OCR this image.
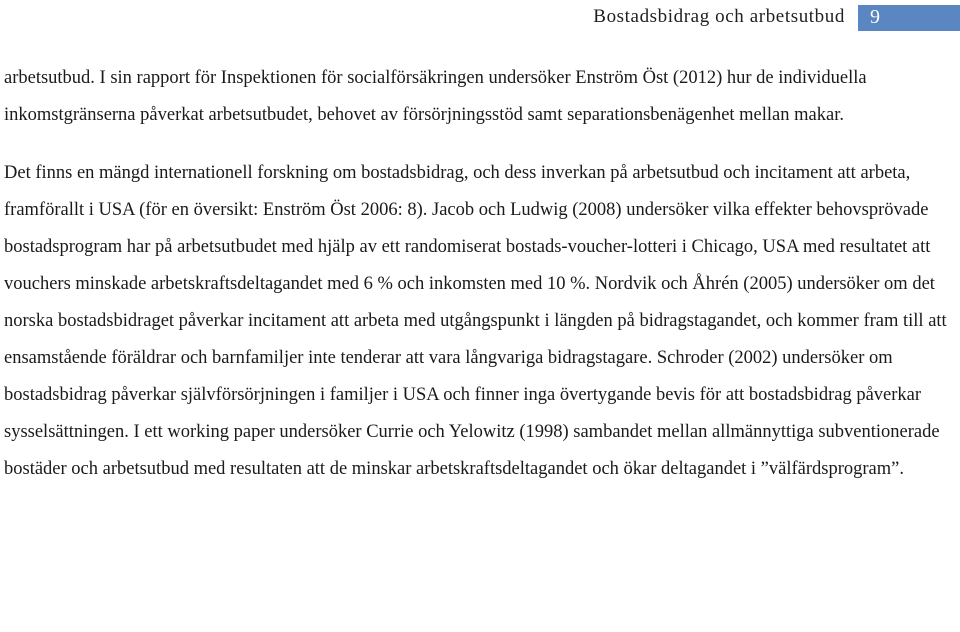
Bostadsbidrag och arbetsutbud 9

arbetsutbud. I sin rapport för Inspektionen för socialförsäkringen undersöker Enström Öst (2012) hur de individuella inkomstgränserna påverkat arbetsutbudet, behovet av försörjningsstöd samt separationsbenägenhet mellan makar.

Det finns en mängd internationell forskning om bostadsbidrag, och dess inverkan på arbetsutbud och incitament att arbeta, framförallt i USA (för en översikt: Enström Öst 2006: 8). Jacob och Ludwig (2008) undersöker vilka effekter behovsprövade bostadsprogram har på arbetsutbudet med hjälp av ett randomiserat bostads-voucher-lotteri i Chicago, USA med resultatet att vouchers minskade arbetskraftsdeltagandet med 6 % och inkomsten med 10 %. Nordvik och Åhrén (2005) undersöker om det norska bostadsbidraget påverkar incitament att arbeta med utgångspunkt i längden på bidragstagandet, och kommer fram till att ensamstående föräldrar och barnfamiljer inte tenderar att vara långvariga bidragstagare. Schroder (2002) undersöker om bostadsbidrag påverkar självförsörjningen i familjer i USA och finner inga övertygande bevis för att bostadsbidrag påverkar sysselsättningen. I ett working paper undersöker Currie och Yelowitz (1998) sambandet mellan allmännyttiga subventionerade bostäder och arbetsutbud med resultaten att de minskar arbetskraftsdeltagandet och ökar deltagandet i ”välfärdsprogram”.
